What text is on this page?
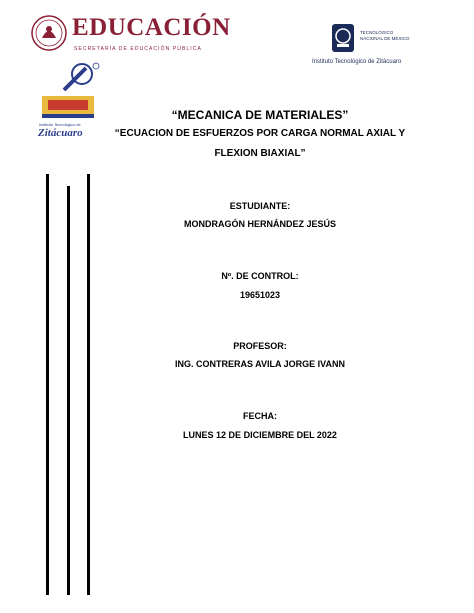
EDUCACIÓN
SECRETARÍA DE EDUCACIÓN PÚBLICA
TECNOLÓGICO
NACIONAL DE MÉXICO
Instituto Tecnológico de Zitácuaro
Instituto Tecnológico de
Zitácuaro
“MECANICA DE MATERIALES”
“ECUACION DE ESFUERZOS POR CARGA NORMAL AXIAL Y
FLEXION BIAXIAL”
ESTUDIANTE:
MONDRAGÓN HERNÁNDEZ JESÚS
Nº. DE CONTROL:
19651023
PROFESOR:
ING. CONTRERAS AVILA JORGE IVANN
FECHA:
LUNES 12 DE DICIEMBRE DEL 2022
